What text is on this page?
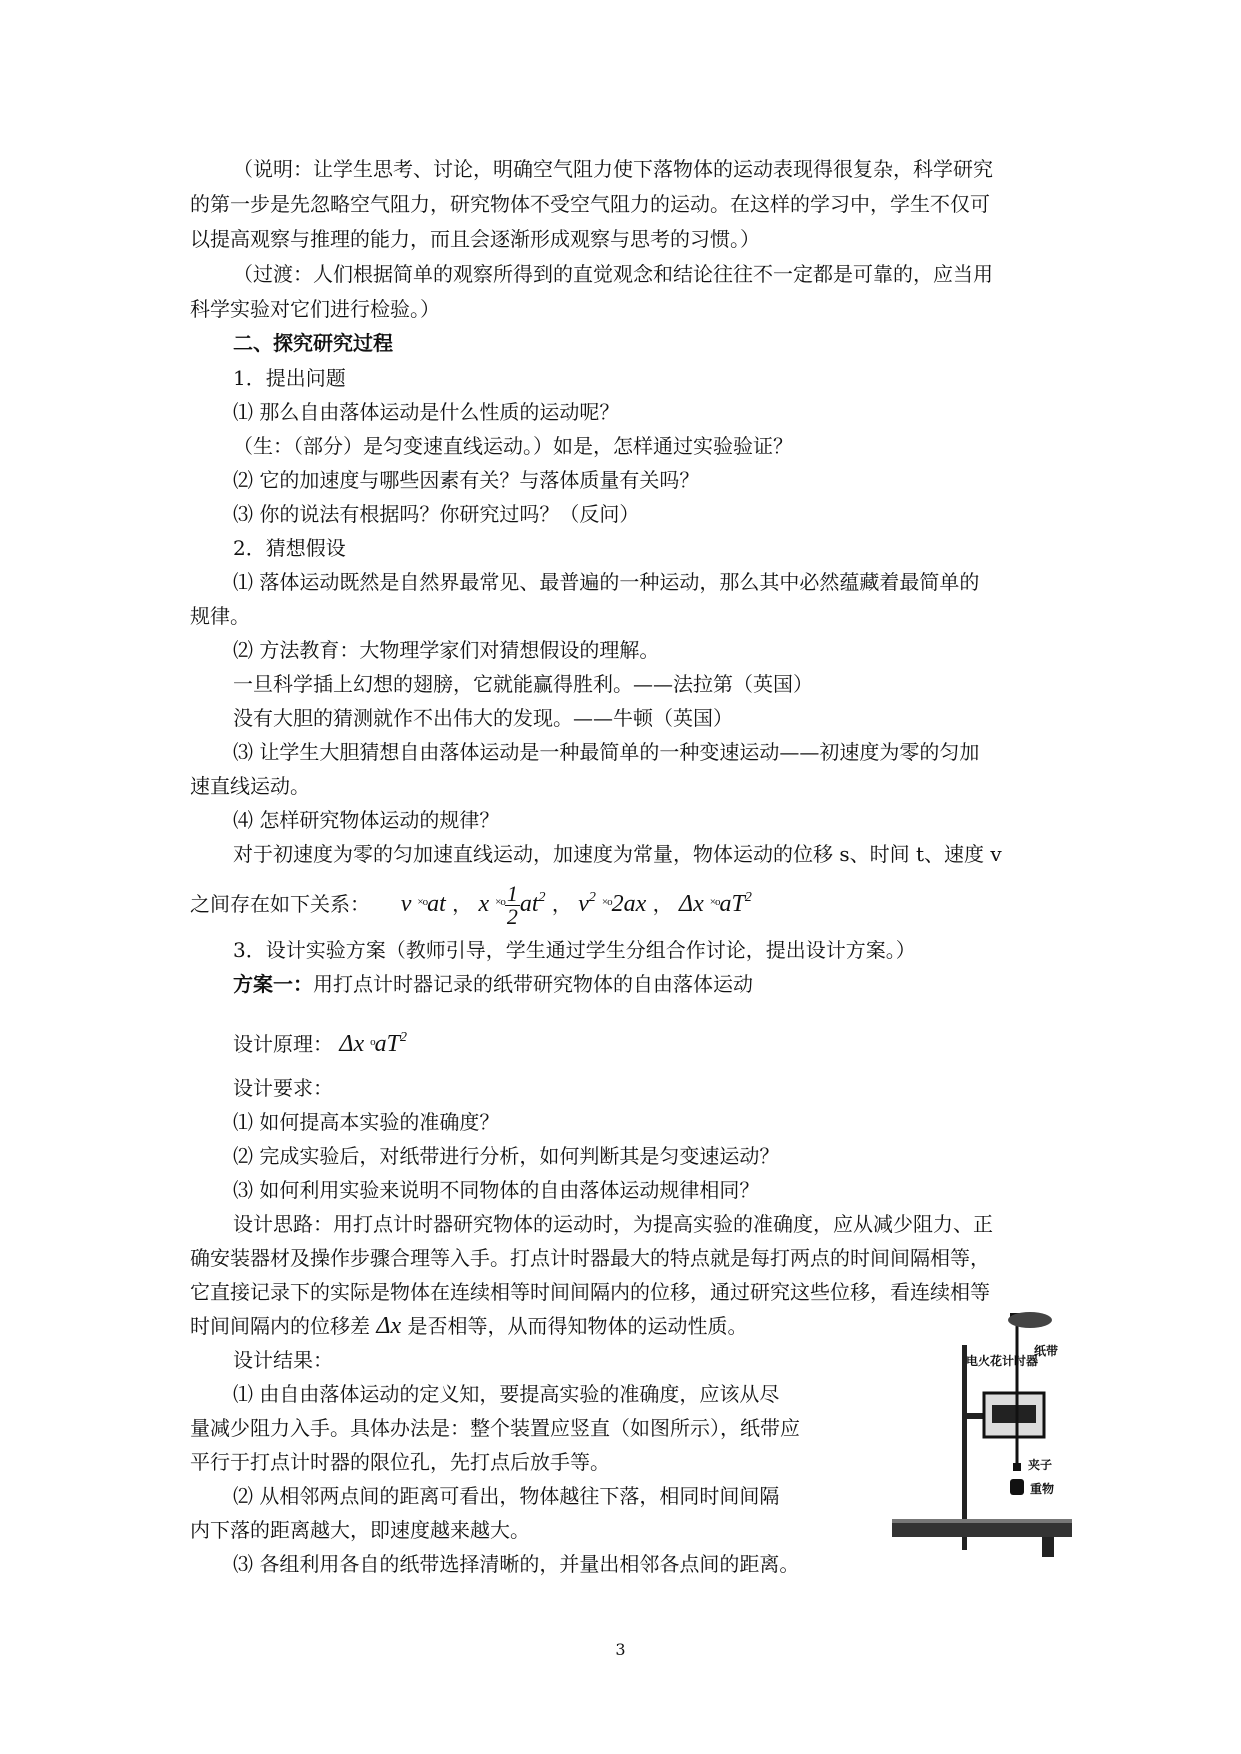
（说明：让学生思考、讨论，明确空气阻力使下落物体的运动表现得很复杂，科学研究
的第一步是先忽略空气阻力，研究物体不受空气阻力的运动。在这样的学习中，学生不仅可
以提高观察与推理的能力，而且会逐渐形成观察与思考的习惯。）
（过渡：人们根据简单的观察所得到的直觉观念和结论往往不一定都是可靠的，应当用
科学实验对它们进行检验。）
二、探究研究过程
1．提出问题
⑴ 那么自由落体运动是什么性质的运动呢？
（生：（部分）是匀变速直线运动。）如是，怎样通过实验验证？
⑵ 它的加速度与哪些因素有关？与落体质量有关吗？
⑶ 你的说法有根据吗？你研究过吗？（反问）
2．猜想假设
⑴ 落体运动既然是自然界最常见、最普遍的一种运动，那么其中必然蕴藏着最简单的
规律。
⑵ 方法教育：大物理学家们对猜想假设的理解。
一旦科学插上幻想的翅膀，它就能赢得胜利。——法拉第（英国）
没有大胆的猜测就作不出伟大的发现。——牛顿（英国）
⑶ 让学生大胆猜想自由落体运动是一种最简单的一种变速运动——初速度为零的匀加
速直线运动。
⑷ 怎样研究物体运动的规律？
对于初速度为零的匀加速直线运动，加速度为常量，物体运动的位移 s、时间 t、速度 v
之间存在如下关系： v $^{\times o}$at ， x $^{\times o} \frac{1}{2} at^2$ ， $v^2$ $^{\times o}$2ax ， Δx $^{\times o}aT^2$
3．设计实验方案（教师引导，学生通过学生分组合作讨论，提出设计方案。）
方案一：用打点计时器记录的纸带研究物体的自由落体运动
设计原理： Δx $^oaT^2$
设计要求：
⑴ 如何提高本实验的准确度？
⑵ 完成实验后，对纸带进行分析，如何判断其是匀变速运动？
⑶ 如何利用实验来说明不同物体的自由落体运动规律相同？
设计思路：用打点计时器研究物体的运动时，为提高实验的准确度，应从减少阻力、正
确安装器材及操作步骤合理等入手。打点计时器最大的特点就是每打两点的时间间隔相等，
它直接记录下的实际是物体在连续相等时间间隔内的位移，通过研究这些位移，看连续相等
时间间隔内的位移差 Δx 是否相等，从而得知物体的运动性质。
设计结果：
⑴ 由自由落体运动的定义知，要提高实验的准确度，应该从尽
量减少阻力入手。具体办法是：整个装置应竖直（如图所示），纸带应
平行于打点计时器的限位孔，先打点后放手等。
⑵ 从相邻两点间的距离可看出，物体越往下落，相同时间间隔
内下落的距离越大，即速度越来越大。
⑶ 各组利用各自的纸带选择清晰的，并量出相邻各点间的距离。
电火花计时器
纸带
夹子
重物
3
